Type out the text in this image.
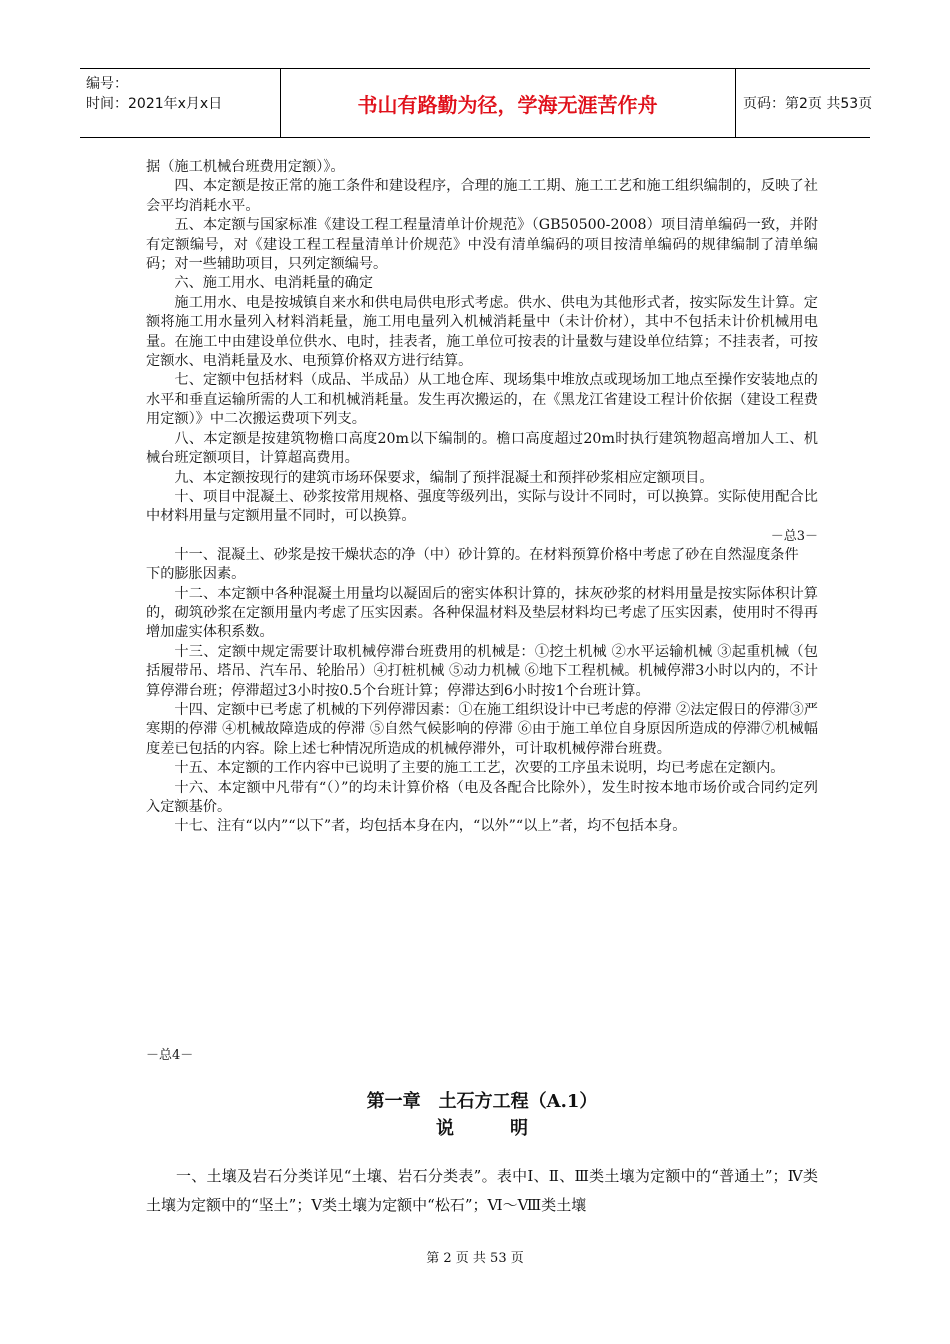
编号：
时间：2021年x月x日	书山有路勤为径，学海无涯苦作舟	页码：第2页 共53页

据（施工机械台班费用定额）》。

四、本定额是按正常的施工条件和建设程序，合理的施工工期、施工工艺和施工组织编制的，反映了社会平均消耗水平。

五、本定额与国家标准《建设工程工程量清单计价规范》（GB50500-2008）项目清单编码一致，并附有定额编号，对《建设工程工程量清单计价规范》中没有清单编码的项目按清单编码的规律编制了清单编码；对一些辅助项目，只列定额编号。

六、施工用水、电消耗量的确定

施工用水、电是按城镇自来水和供电局供电形式考虑。供水、供电为其他形式者，按实际发生计算。定额将施工用水量列入材料消耗量，施工用电量列入机械消耗量中（未计价材），其中不包括未计价机械用电量。在施工中由建设单位供水、电时，挂表者，施工单位可按表的计量数与建设单位结算；不挂表者，可按定额水、电消耗量及水、电预算价格双方进行结算。

七、定额中包括材料（成品、半成品）从工地仓库、现场集中堆放点或现场加工地点至操作安装地点的水平和垂直运输所需的人工和机械消耗量。发生再次搬运的，在《黑龙江省建设工程计价依据（建设工程费用定额）》中二次搬运费项下列支。

八、本定额是按建筑物檐口高度20m以下编制的。檐口高度超过20m时执行建筑物超高增加人工、机械台班定额项目，计算超高费用。

九、本定额按现行的建筑市场环保要求，编制了预拌混凝土和预拌砂浆相应定额项目。

十、项目中混凝土、砂浆按常用规格、强度等级列出，实际与设计不同时，可以换算。实际使用配合比中材料用量与定额用量不同时，可以换算。

－总3－

十一、混凝土、砂浆是按干燥状态的净（中）砂计算的。在材料预算价格中考虑了砂在自然湿度条件

下的膨胀因素。

十二、本定额中各种混凝土用量均以凝固后的密实体积计算的，抹灰砂浆的材料用量是按实际体积计算的，砌筑砂浆在定额用量内考虑了压实因素。各种保温材料及垫层材料均已考虑了压实因素，使用时不得再增加虚实体积系数。

十三、定额中规定需要计取机械停滞台班费用的机械是：①挖土机械 ②水平运输机械 ③起重机械（包括履带吊、塔吊、汽车吊、轮胎吊）④打桩机械 ⑤动力机械 ⑥地下工程机械。机械停滞3小时以内的，不计算停滞台班；停滞超过3小时按0.5个台班计算；停滞达到6小时按1个台班计算。

十四、定额中已考虑了机械的下列停滞因素：①在施工组织设计中已考虑的停滞 ②法定假日的停滞③严寒期的停滞 ④机械故障造成的停滞 ⑤自然气候影响的停滞 ⑥由于施工单位自身原因所造成的停滞⑦机械幅度差已包括的内容。除上述七种情况所造成的机械停滞外，可计取机械停滞台班费。

十五、本定额的工作内容中已说明了主要的施工工艺，次要的工序虽未说明，均已考虑在定额内。

十六、本定额中凡带有“（）”的均未计算价格（电及各配合比除外），发生时按本地市场价或合同约定列入定额基价。

十七、注有“以内”“以下”者，均包括本身在内，“以外”“以上”者，均不包括本身。

－总4－
第一章　土石方工程（A.1）
说明

一、土壤及岩石分类详见“土壤、岩石分类表”。表中Ⅰ、Ⅱ、Ⅲ类土壤为定额中的“普通土”；Ⅳ类土壤为定额中的“坚土”；Ⅴ类土壤为定额中“松石”；Ⅵ～Ⅷ类土壤

第 2 页 共 53 页
